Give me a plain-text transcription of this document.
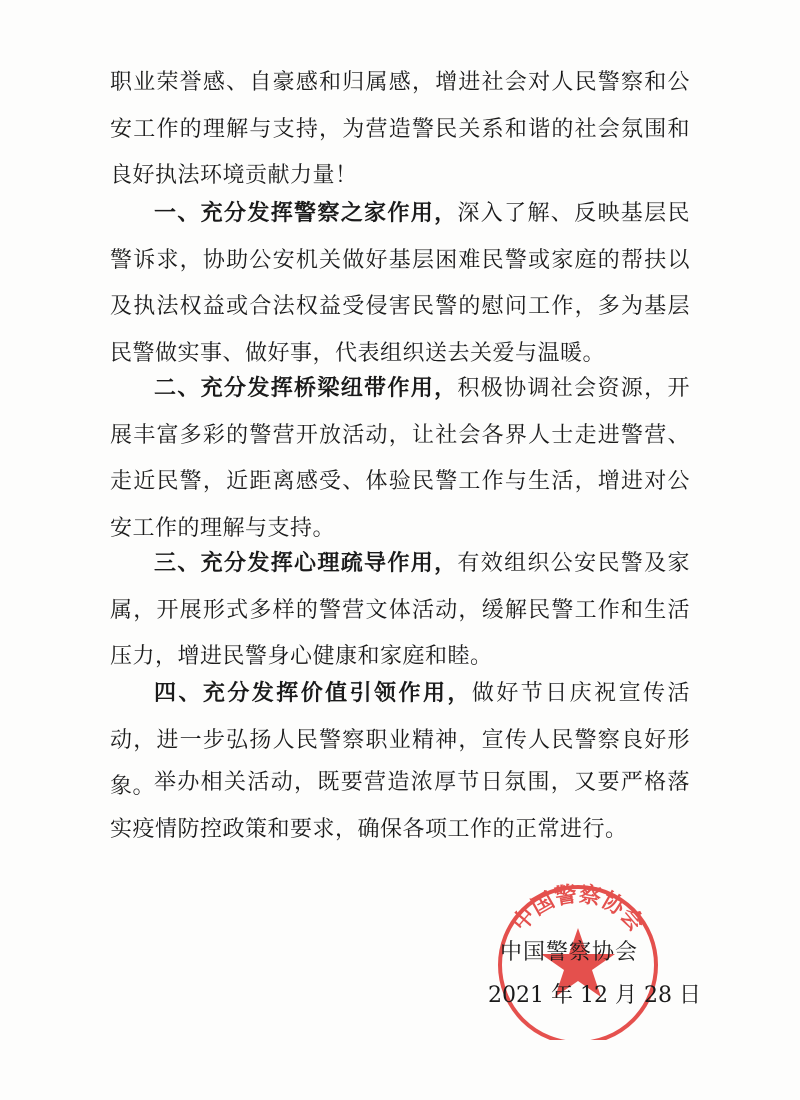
职业荣誉感、自豪感和归属感，增进社会对人民警察和公安工作的理解与支持，为营造警民关系和谐的社会氛围和良好执法环境贡献力量！

一、充分发挥警察之家作用，深入了解、反映基层民警诉求，协助公安机关做好基层困难民警或家庭的帮扶以及执法权益或合法权益受侵害民警的慰问工作，多为基层民警做实事、做好事，代表组织送去关爱与温暖。

二、充分发挥桥梁纽带作用，积极协调社会资源，开展丰富多彩的警营开放活动，让社会各界人士走进警营、走近民警，近距离感受、体验民警工作与生活，增进对公安工作的理解与支持。

三、充分发挥心理疏导作用，有效组织公安民警及家属，开展形式多样的警营文体活动，缓解民警工作和生活压力，增进民警身心健康和家庭和睦。

四、充分发挥价值引领作用，做好节日庆祝宣传活动，进一步弘扬人民警察职业精神，宣传人民警察良好形象。

举办相关活动，既要营造浓厚节日氛围，又要严格落实疫情防控政策和要求，确保各项工作的正常进行。

中国警察协会

中国警察协会

2021 年 12 月 28 日
